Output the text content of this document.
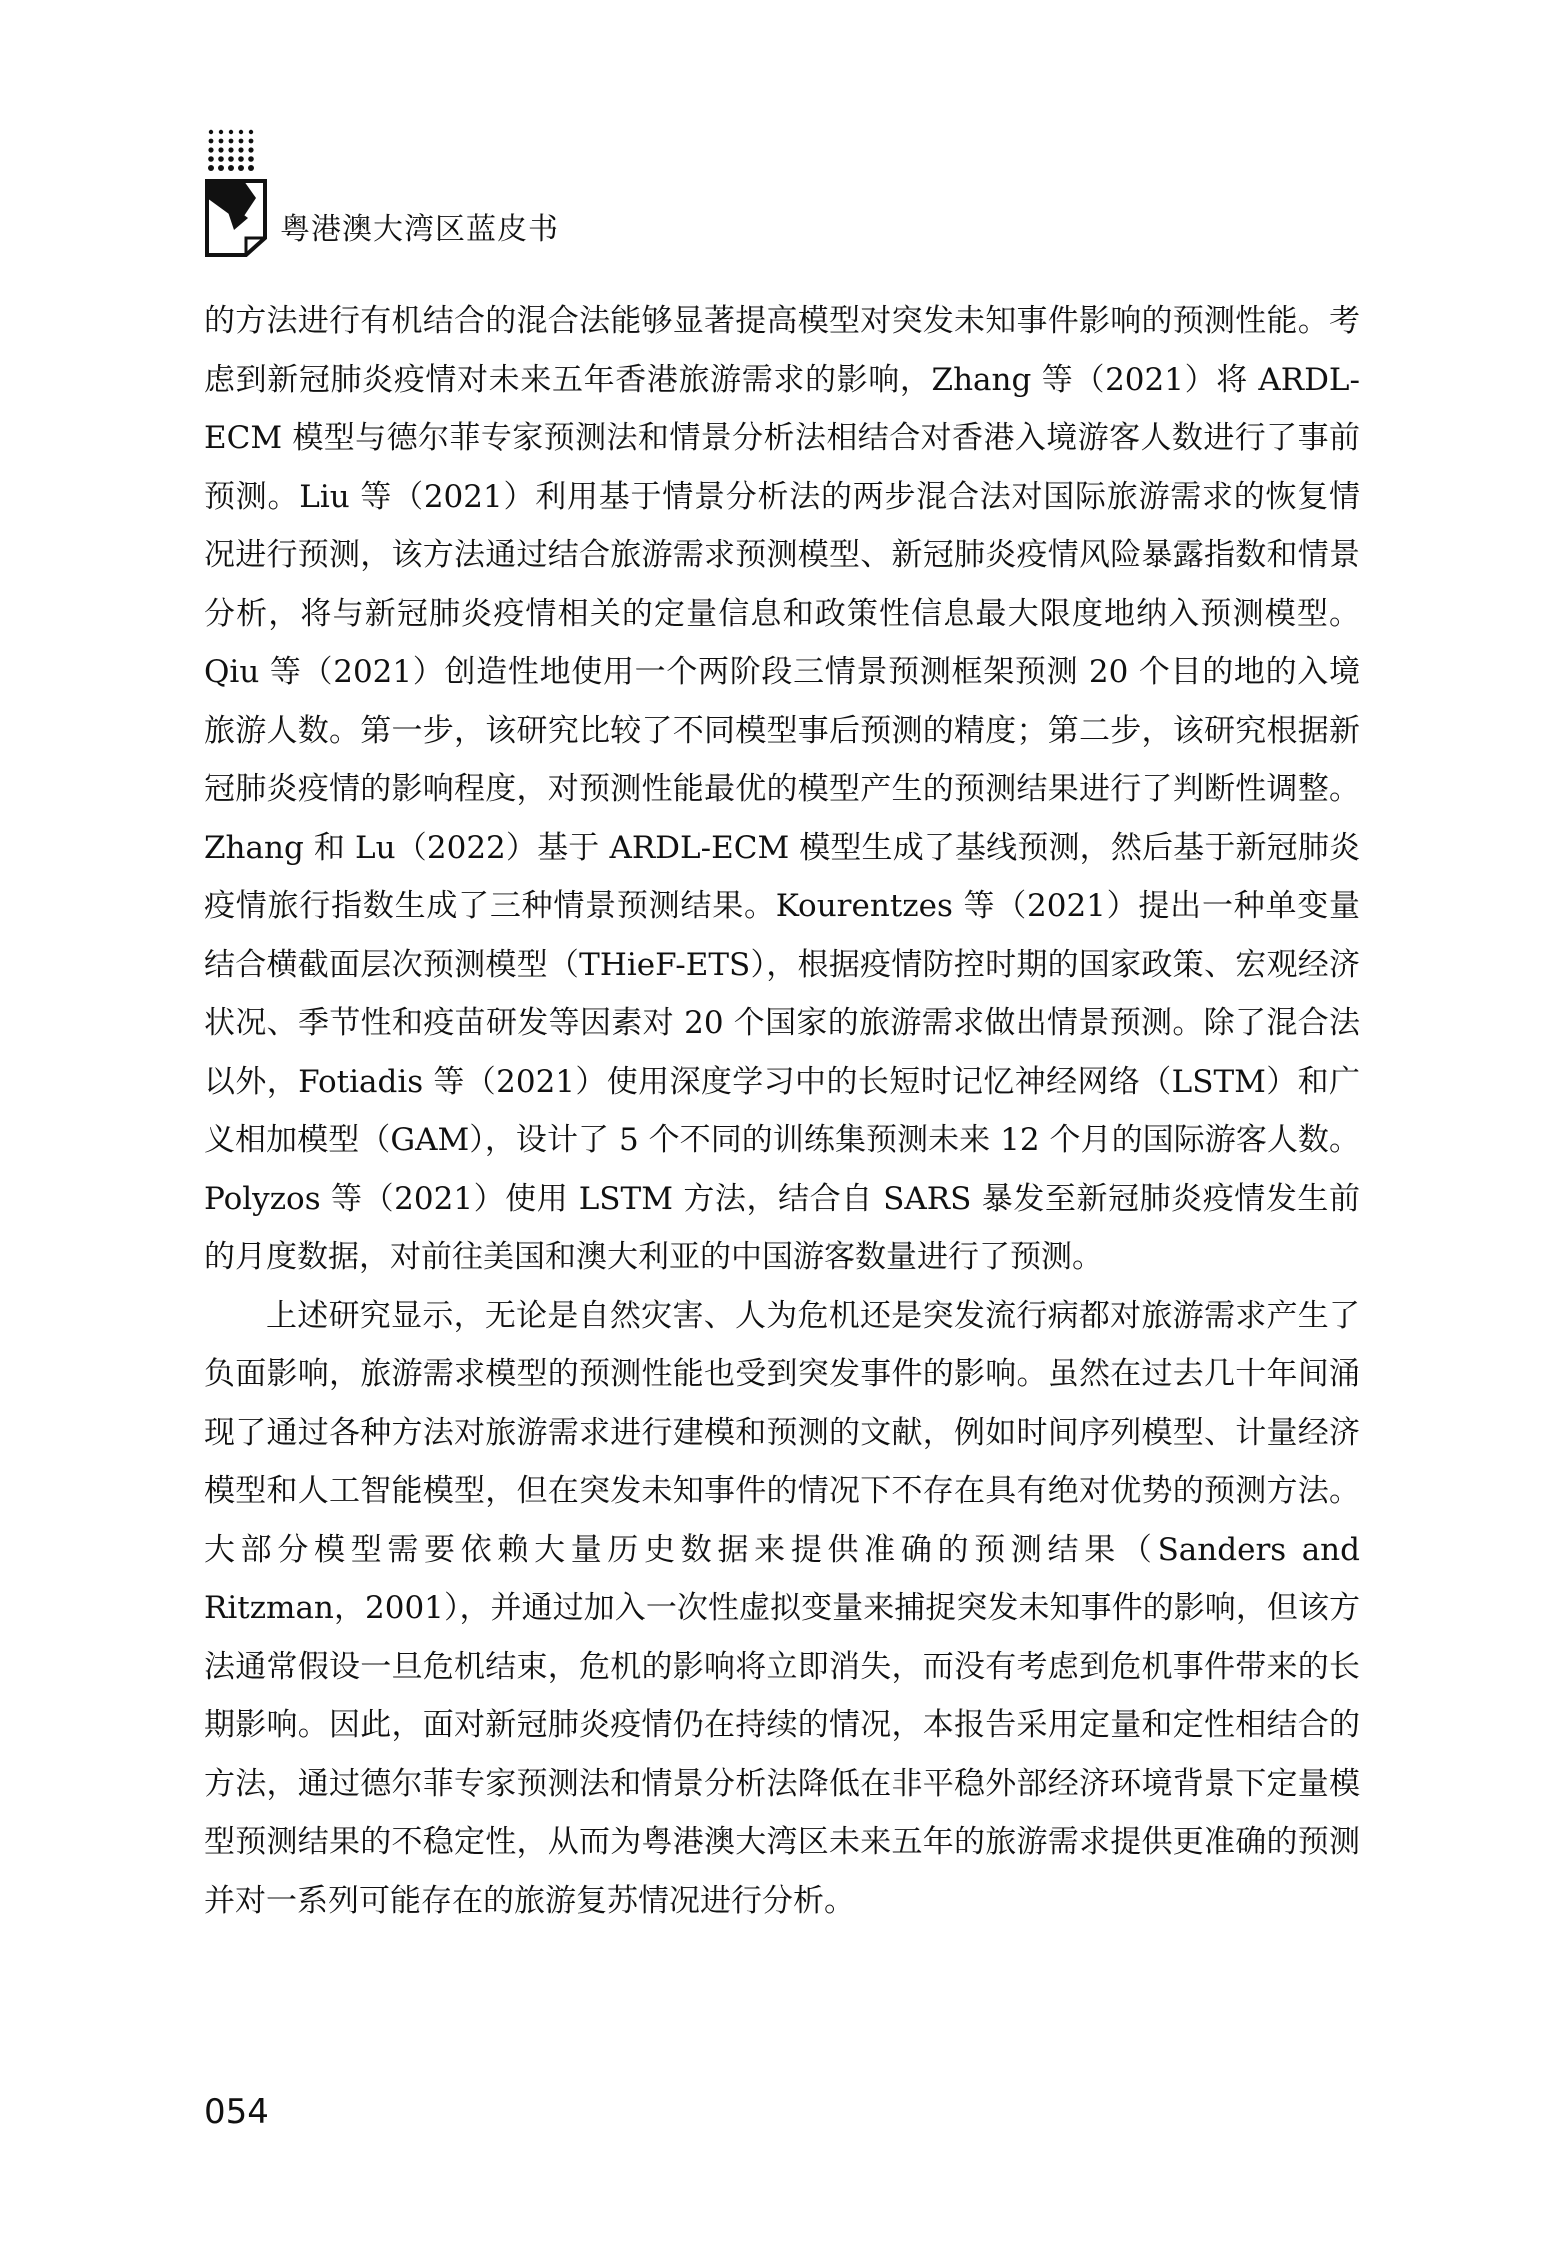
粤港澳大湾区蓝皮书

的方法进行有机结合的混合法能够显著提高模型对突发未知事件影响的预测性能。考虑到新冠肺炎疫情对未来五年香港旅游需求的影响，Zhang 等（2021）将 ARDL-ECM 模型与德尔菲专家预测法和情景分析法相结合对香港入境游客人数进行了事前预测。Liu 等（2021）利用基于情景分析法的两步混合法对国际旅游需求的恢复情况进行预测，该方法通过结合旅游需求预测模型、新冠肺炎疫情风险暴露指数和情景分析，将与新冠肺炎疫情相关的定量信息和政策性信息最大限度地纳入预测模型。Qiu 等（2021）创造性地使用一个两阶段三情景预测框架预测 20 个目的地的入境旅游人数。第一步，该研究比较了不同模型事后预测的精度；第二步，该研究根据新冠肺炎疫情的影响程度，对预测性能最优的模型产生的预测结果进行了判断性调整。Zhang 和 Lu（2022）基于 ARDL-ECM 模型生成了基线预测，然后基于新冠肺炎疫情旅行指数生成了三种情景预测结果。Kourentzes 等（2021）提出一种单变量结合横截面层次预测模型（THieF-ETS），根据疫情防控时期的国家政策、宏观经济状况、季节性和疫苗研发等因素对 20 个国家的旅游需求做出情景预测。除了混合法以外，Fotiadis 等（2021）使用深度学习中的长短时记忆神经网络（LSTM）和广义相加模型（GAM），设计了 5 个不同的训练集预测未来 12 个月的国际游客人数。Polyzos 等（2021）使用 LSTM 方法，结合自 SARS 暴发至新冠肺炎疫情发生前的月度数据，对前往美国和澳大利亚的中国游客数量进行了预测。

上述研究显示，无论是自然灾害、人为危机还是突发流行病都对旅游需求产生了负面影响，旅游需求模型的预测性能也受到突发事件的影响。虽然在过去几十年间涌现了通过各种方法对旅游需求进行建模和预测的文献，例如时间序列模型、计量经济模型和人工智能模型，但在突发未知事件的情况下不存在具有绝对优势的预测方法。大部分模型需要依赖大量历史数据来提供准确的预测结果（Sanders and Ritzman，2001），并通过加入一次性虚拟变量来捕捉突发未知事件的影响，但该方法通常假设一旦危机结束，危机的影响将立即消失，而没有考虑到危机事件带来的长期影响。因此，面对新冠肺炎疫情仍在持续的情况，本报告采用定量和定性相结合的方法，通过德尔菲专家预测法和情景分析法降低在非平稳外部经济环境背景下定量模型预测结果的不稳定性，从而为粤港澳大湾区未来五年的旅游需求提供更准确的预测并对一系列可能存在的旅游复苏情况进行分析。

054
